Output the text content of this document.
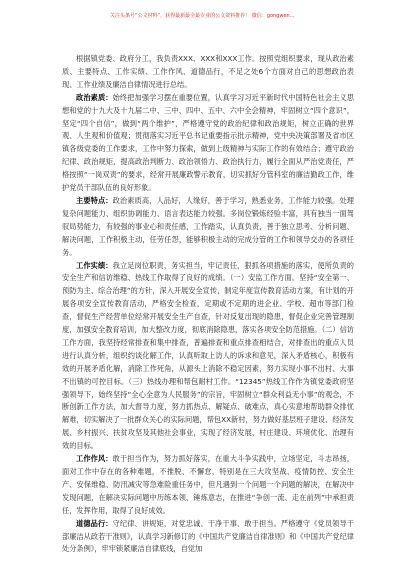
关注头条号“公文材料”，获得最新最全最专业的公文资料推荐！ 微信：gongwen...

根据镇党委、政府分工，我负责XXX、XXX和XXX工作。按照党组织要求，现从政治素质、主要特点、工作实绩、工作作风、道德品行，不足之处6个方面对自己的思想政治表现、工作业绩及廉洁自律情况进行总结。

政治素质：始终把加强学习摆在重要位置，认真学习习近平新时代中国特色社会主义思想和党的十九大及十九届二中、三中、四中、五中、六中全会精神，牢固树立“四个意识”，坚定“四个自信”，做到“两个维护”，严格遵守党的政治纪律和政治规矩，树立正确的世界观、人生观和价值观；贯彻落实习近平总书记重要指示批示精神，党中央决策部署及省市区镇各级党委的工作要求，工作中努力探索，做到上级精神与实际工作的有效结合；遵守政治纪律、政治规矩，提高政治判断力、政治领悟力、政治执行力，履行全面从严治党责任，严格按照“一岗双责”的要求，经常开展廉政警示教育，切实抓好分管科室的廉洁勤政工作，维护党员干部队伍的良好形象。

主要特点：政治素质高，人品好，人缘好，善于学习，熟悉业务，工作能力较强。处理复杂问题能力、组织协调能力、语言表达能力较强。多岗位锻炼经验丰富，具有独当一面驾驭局势能力，有较强的事业心和责任感，工作踏实，认真负责，善于独立思考、分析问题、解决问题，工作积极主动，任劳任怨，能够积极主动的完成分管的工作和领导交办的各项任务。

工作实绩：我立足岗位职责，务实担当，牢记责任，狠抓各项措施的落实，使所负责的安全生产和信访维稳、热线工作取得了良好的成绩。（一）安监工作方面。坚持“安全第一、预防为主、综合治理”的方针，深入开展安全宣传，制定年度宣传教育活动方案，有计划的开展各项安全宣传教育活动，严格安全检查，定期或不定期的进企业、学校、超市等部门检查，督促生产经营单位经常开展安全生产自查，针对反复出现的隐患，督促企业完善管理制度，加强安全教育培训，加大整改力度，彻底消除隐患，落实各项安全防范措施。（二）信访工作方面，我坚持经常排查和集中排查，普遍排查和重点排查相结合，对排查出的重点人员进行认真分析，组织约谈化解工作，认真听取上访人的诉求和意见，深入矛盾核心，积极有效的开展矛盾化解，消除工作死角，从源头上消除不稳定因素，努力实现小事不出村、大事不出镇的可控目标。（三）热线办理和帮包耐村工作。“12345”热线工作作为镇党委政府坚强领导下，始终坚持“全心全意为人民服务”的宗旨，牢固树立“群众利益无小事”的观念，不断创新工作方法，加大督导力度，努力抓热点、解疑点、破难点，真心实意地帮助群众排忧解难，切实解决了一批群众关心的实际问题，帮包XX新村，努力做好基层班子建设、经济发展、乡村振兴、扶贫攻坚及其他社会事业，实现了经济发展、村庄建设、环境优化、治理有效的目标。

工作作风：敢于担当作为，努力抓好落实，在重大斗争实践中，立场坚定，斗志昂扬，面对工作中存在的各种难题，不推脱、不懈怠，特别是在三大攻坚战、疫情防控、安全生产、安保维稳、防汛减灾等急难险重任务中，但凡遇到一个问题一个问题的解决，在解决中发现问题，在解决实际问题中历练本领、锤炼意志，在推进“争创一流、走在前列”中承担责任，发挥作用，取得了良好成效。

道德品行：守纪律、讲规矩，对党忠诚、干净干事、敢于担当。严格遵守《党员领导干部廉洁从政若干准则》，认真学习新修订的《中国共产党廉洁自律准则》和《中国共产党纪律处分条例》，牢牢锁紧廉洁自律底线，自觉加
